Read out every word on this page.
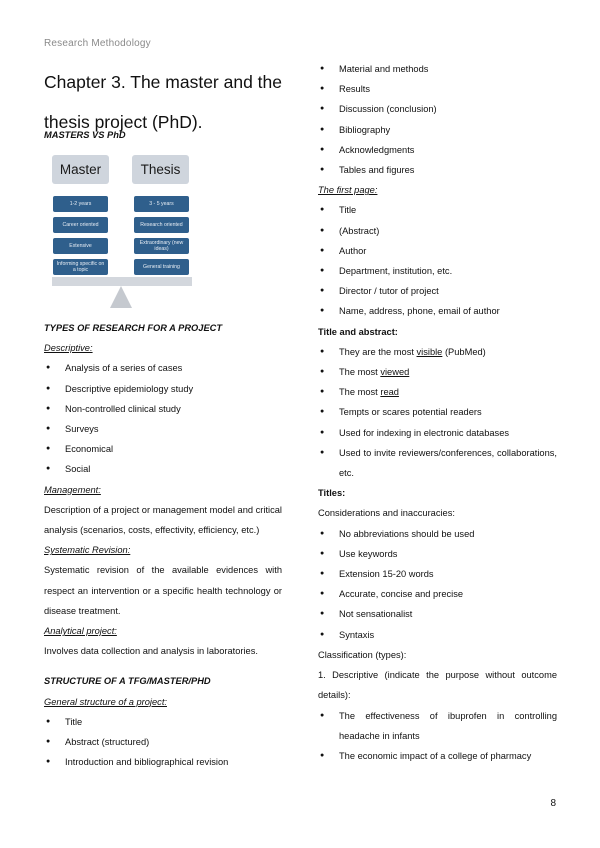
Research Methodology
Chapter 3. The master and the thesis project (PhD).
MASTERS VS PhD
Master	Thesis
1-2 years
Career oriented
Extensive
Informing specific on a topic
3 - 5 years
Research oriented
Extraordinary (new ideas)
General training
TYPES OF RESEARCH FOR A PROJECT
Descriptive:
● Analysis of a series of cases
● Descriptive epidemiology study
● Non-controlled clinical study
● Surveys
● Economical
● Social
Management:
Description of a project or management model and critical analysis (scenarios, costs, effectivity, efficiency, etc.)
Systematic Revision:
Systematic revision of the available evidences with respect an intervention or a specific health technology or disease treatment.
Analytical project:
Involves data collection and analysis in laboratories.
STRUCTURE OF A TFG/MASTER/PHD
General structure of a project:
● Title
● Abstract (structured)
● Introduction and bibliographical revision
● Material and methods
● Results
● Discussion (conclusion)
● Bibliography
● Acknowledgments
● Tables and figures
The first page:
● Title
● (Abstract)
● Author
● Department, institution, etc.
● Director / tutor of project
● Name, address, phone, email of author
Title and abstract:
● They are the most visible (PubMed)
● The most viewed
● The most read
● Tempts or scares potential readers
● Used for indexing in electronic databases
● Used to invite reviewers/conferences, collaborations, etc.
Titles:
Considerations and inaccuracies:
● No abbreviations should be used
● Use keywords
● Extension 15-20 words
● Accurate, concise and precise
● Not sensationalist
● Syntaxis
Classification (types):
1. Descriptive (indicate the purpose without outcome details):
● The effectiveness of ibuprofen in controlling headache in infants
● The economic impact of a college of pharmacy
8
